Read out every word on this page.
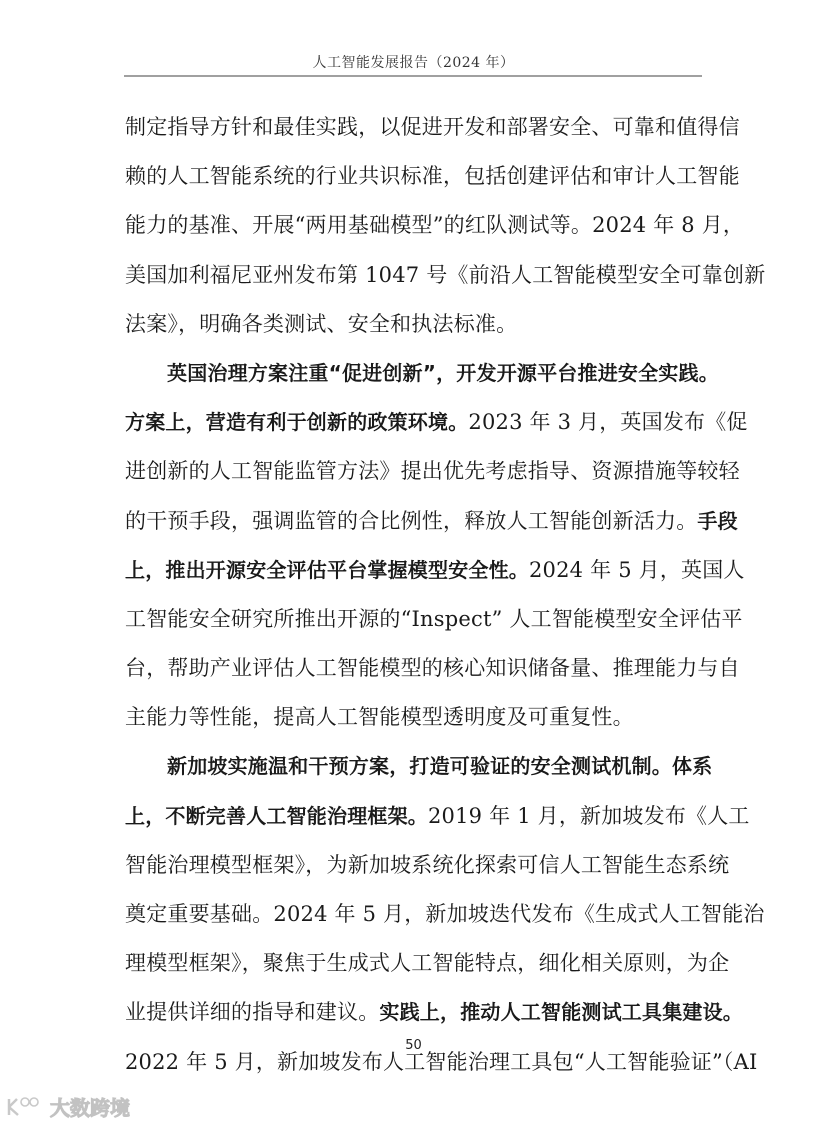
人工智能发展报告（2024 年）
制定指导方针和最佳实践，以促进开发和部署安全、可靠和值得信
赖的人工智能系统的行业共识标准，包括创建评估和审计人工智能
能力的基准、开展“两用基础模型”的红队测试等。2024 年 8 月，
美国加利福尼亚州发布第 1047 号《前沿人工智能模型安全可靠创新
法案》，明确各类测试、安全和执法标准。
英国治理方案注重“促进创新”，开发开源平台推进安全实践。
方案上，营造有利于创新的政策环境。2023 年 3 月，英国发布《促
进创新的人工智能监管方法》提出优先考虑指导、资源措施等较轻
的干预手段，强调监管的合比例性，释放人工智能创新活力。手段
上，推出开源安全评估平台掌握模型安全性。2024 年 5 月，英国人
工智能安全研究所推出开源的“Inspect” 人工智能模型安全评估平
台，帮助产业评估人工智能模型的核心知识储备量、推理能力与自
主能力等性能，提高人工智能模型透明度及可重复性。
新加坡实施温和干预方案，打造可验证的安全测试机制。体系
上，不断完善人工智能治理框架。2019 年 1 月，新加坡发布《人工
智能治理模型框架》，为新加坡系统化探索可信人工智能生态系统
奠定重要基础。2024 年 5 月，新加坡迭代发布《生成式人工智能治
理模型框架》，聚焦于生成式人工智能特点，细化相关原则，为企
业提供详细的指导和建议。实践上，推动人工智能测试工具集建设。
2022 年 5 月，新加坡发布人工智能治理工具包“人工智能验证”（AI
50
大数跨境
